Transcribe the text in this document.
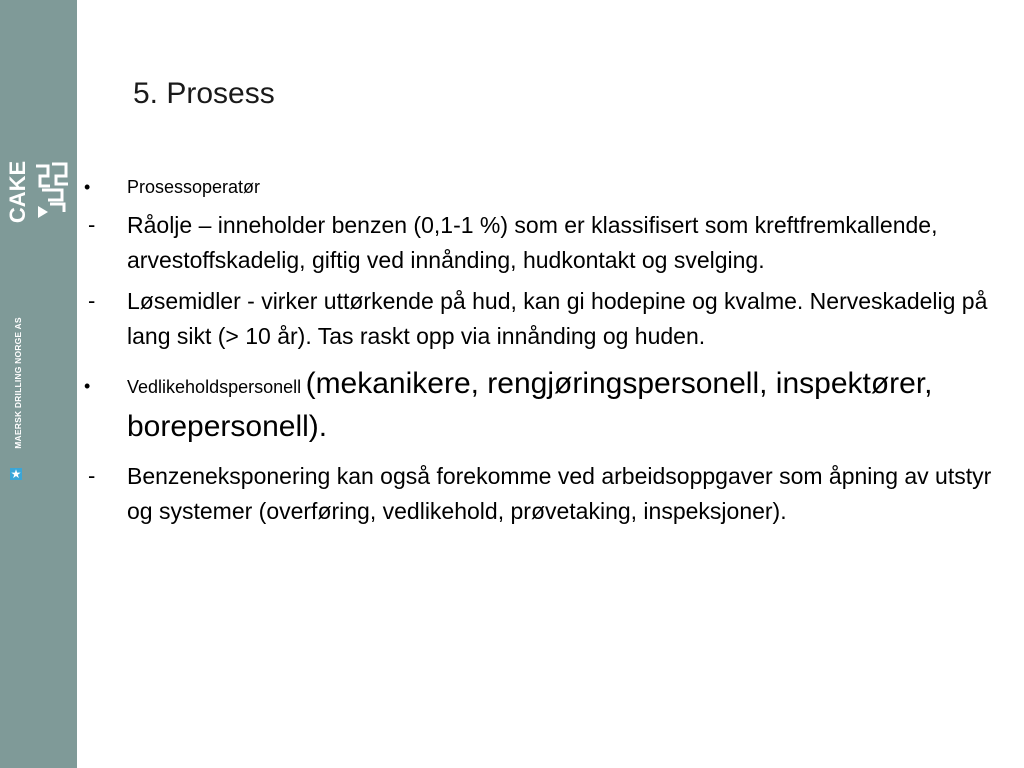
CAKE
MAERSK DRILLING NORGE AS
5. Prosess
•	Prosessoperatør
-	Råolje – inneholder benzen (0,1-1 %) som er klassifisert som kreftfremkallende, arvestoffskadelig, giftig ved innånding, hudkontakt og svelging.
-	Løsemidler - virker uttørkende på hud, kan gi hodepine og kvalme. Nerveskadelig på lang sikt (> 10 år). Tas raskt opp via innånding og huden.
•	Vedlikeholdspersonell (mekanikere, rengjøringspersonell, inspektører, borepersonell).
-	Benzeneksponering kan også forekomme ved arbeidsoppgaver som åpning av utstyr og systemer (overføring, vedlikehold, prøvetaking, inspeksjoner).
